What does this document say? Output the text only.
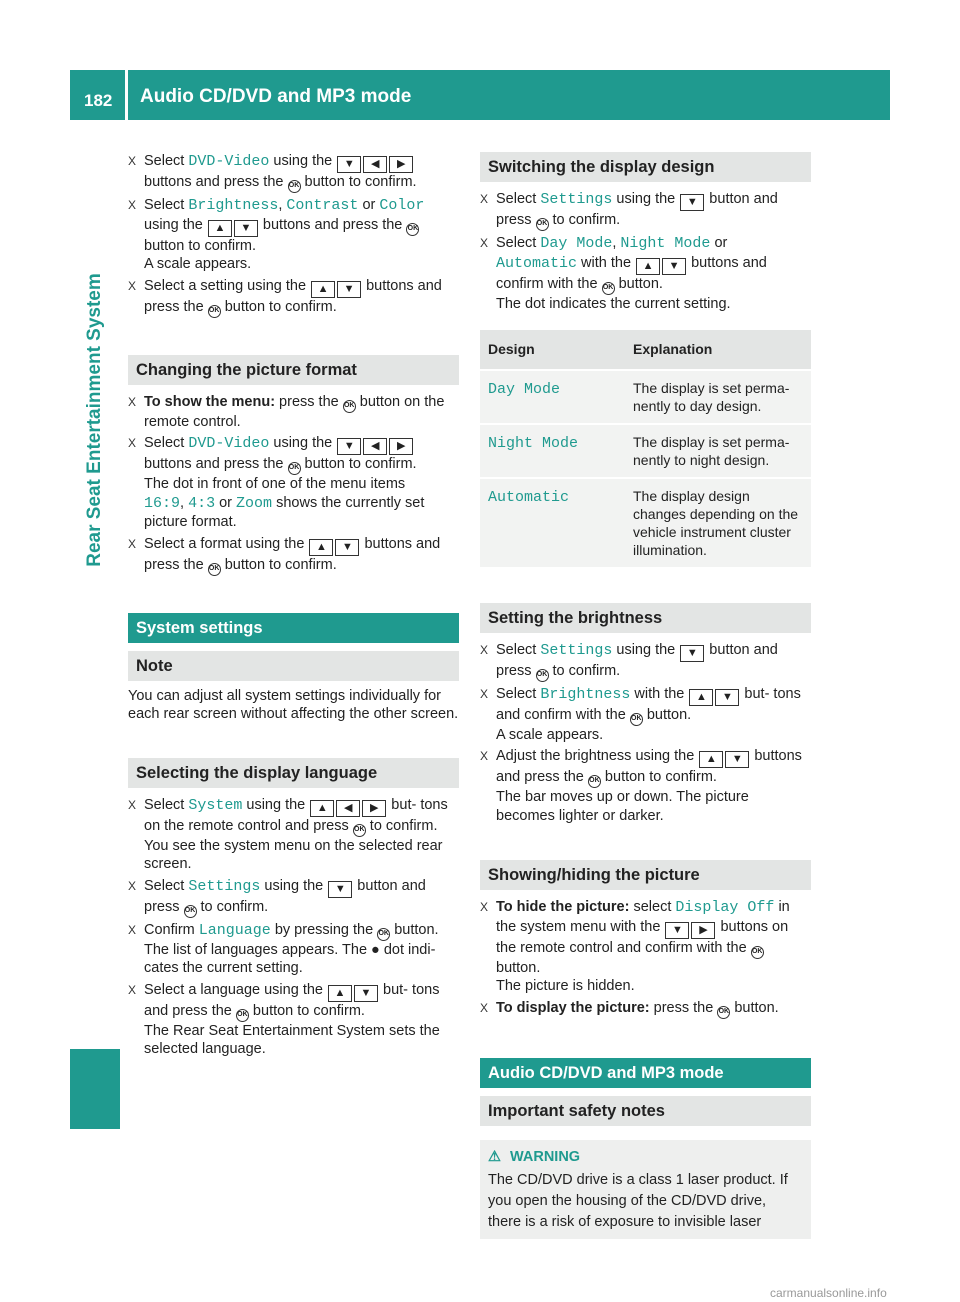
182 Audio CD/DVD and MP3 mode
Rear Seat Entertainment System
X Select DVD-Video using the ▼ ◀ ▶ buttons and press the OK button to confirm.
X Select Brightness, Contrast or Color using the ▲ ▼ buttons and press the OK button to confirm.
A scale appears.
X Select a setting using the ▲ ▼ buttons and press the OK button to confirm.
Changing the picture format
X To show the menu: press the OK button on the remote control.
X Select DVD-Video using the ▼ ◀ ▶ buttons and press the OK button to confirm.
The dot in front of one of the menu items
16:9, 4:3 or Zoom shows the currently set picture format.
X Select a format using the ▲ ▼ buttons and press the OK button to confirm.
System settings
Note

You can adjust all system settings individually for each rear screen without affecting the other screen.

Selecting the display language
X Select System using the ▲ ◀ ▶ but- tons on the remote control and press OK to confirm.
You see the system menu on the selected rear screen.
X Select Settings using the ▼ button and press OK to confirm.
X Confirm Language by pressing the OK button.
The list of languages appears. The ● dot indi- cates the current setting.
X Select a language using the ▲ ▼ but- tons and press the OK button to confirm.
The Rear Seat Entertainment System sets the selected language.
Switching the display design
X Select Settings using the ▼ button and press OK to confirm.
X Select Day Mode, Night Mode or Automatic with the ▲ ▼ buttons and confirm with the OK button.
The dot indicates the current setting.
Design	Explanation
Day Mode	The display is set perma- nently to day design.
Night Mode	The display is set perma- nently to night design.
Automatic	The display design changes depending on the vehicle instrument cluster illumination.
Setting the brightness
X Select Settings using the ▼ button and press OK to confirm.
X Select Brightness with the ▲ ▼ but- tons and confirm with the OK button.
A scale appears.
X Adjust the brightness using the ▲ ▼ buttons and press the OK button to confirm.
The bar moves up or down. The picture becomes lighter or darker.
Showing/hiding the picture
X To hide the picture: select Display Off in the system menu with the ▼ ▶ buttons on the remote control and confirm with the OK button.
The picture is hidden.
X To display the picture: press the OK button.
Audio CD/DVD and MP3 mode
Important safety notes
⚠ WARNING

The CD/DVD drive is a class 1 laser product. If you open the housing of the CD/DVD drive, there is a risk of exposure to invisible laser

carmanualsonline.info
